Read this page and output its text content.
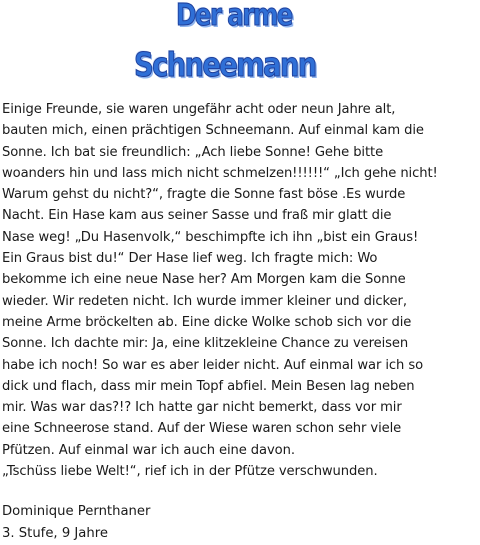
Der arme
Schneemann
Einige Freunde, sie waren ungefähr acht oder neun Jahre alt,
bauten mich, einen prächtigen Schneemann. Auf einmal kam die
Sonne. Ich bat sie freundlich: „Ach liebe Sonne! Gehe bitte
woanders hin und lass mich nicht schmelzen!!!!!!“ „Ich gehe nicht!
Warum gehst du nicht?“, fragte die Sonne fast böse .Es wurde
Nacht. Ein Hase kam aus seiner Sasse und fraß mir glatt die
Nase weg! „Du Hasenvolk,“ beschimpfte ich ihn „bist ein Graus!
Ein Graus bist du!“ Der Hase lief weg. Ich fragte mich: Wo
bekomme ich eine neue Nase her? Am Morgen kam die Sonne
wieder. Wir redeten nicht. Ich wurde immer kleiner und dicker,
meine Arme bröckelten ab. Eine dicke Wolke schob sich vor die
Sonne. Ich dachte mir: Ja, eine klitzekleine Chance zu vereisen
habe ich noch! So war es aber leider nicht. Auf einmal war ich so
dick und flach, dass mir mein Topf abfiel. Mein Besen lag neben
mir. Was war das?!? Ich hatte gar nicht bemerkt, dass vor mir
eine Schneerose stand. Auf der Wiese waren schon sehr viele
Pfützen. Auf einmal war ich auch eine davon.
„Tschüss liebe Welt!“, rief ich in der Pfütze verschwunden.
Dominique Pernthaner
3. Stufe, 9 Jahre
